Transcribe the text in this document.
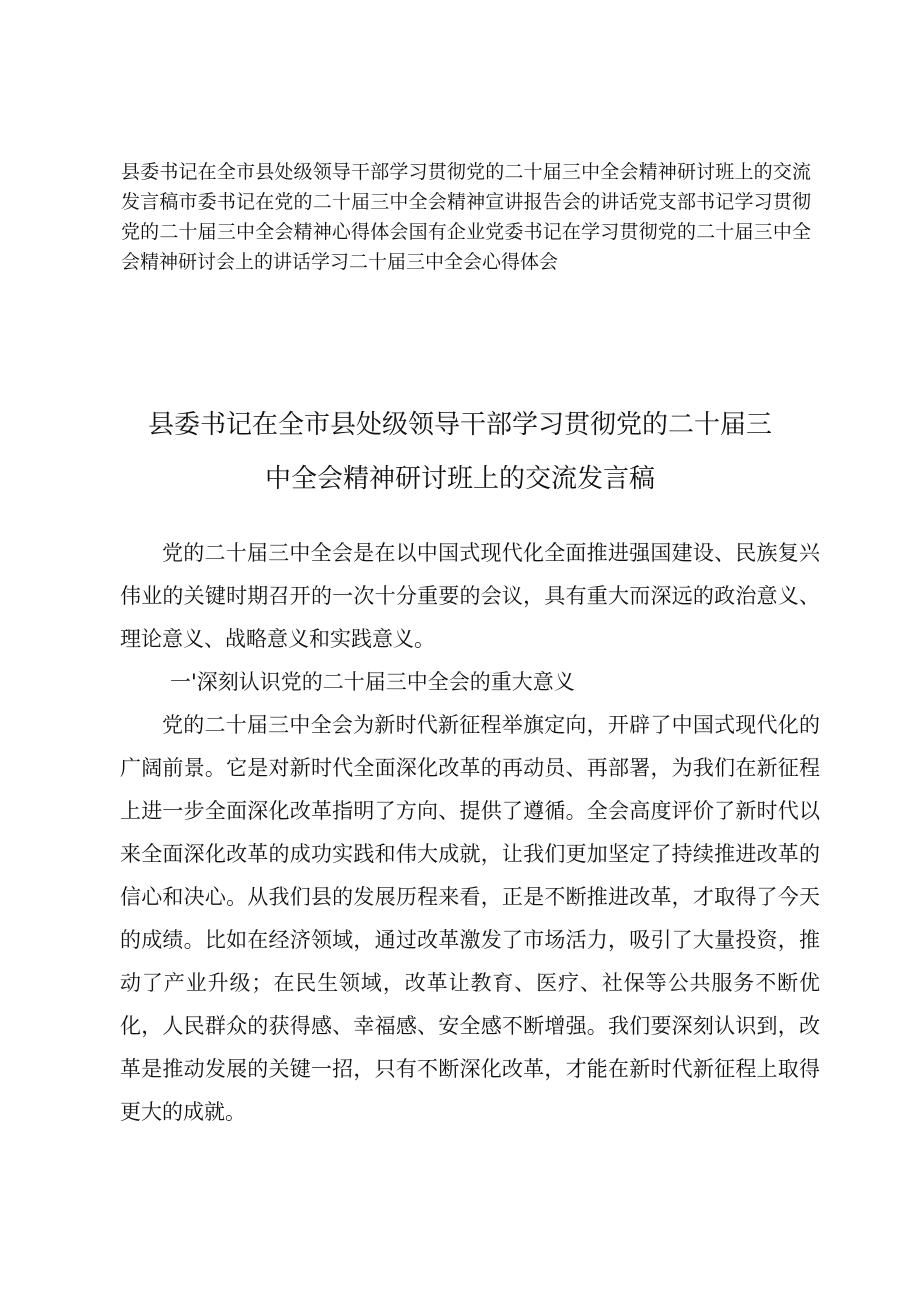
县委书记在全市县处级领导干部学习贯彻党的二十届三中全会精神研讨班上的交流发言稿市委书记在党的二十届三中全会精神宣讲报告会的讲话党支部书记学习贯彻党的二十届三中全会精神心得体会国有企业党委书记在学习贯彻党的二十届三中全会精神研讨会上的讲话学习二十届三中全会心得体会
县委书记在全市县处级领导干部学习贯彻党的二十届三
中全会精神研讨班上的交流发言稿

党的二十届三中全会是在以中国式现代化全面推进强国建设、民族复兴伟业的关键时期召开的一次十分重要的会议，具有重大而深远的政治意义、理论意义、战略意义和实践意义。

一'深刻认识党的二十届三中全会的重大意义

党的二十届三中全会为新时代新征程举旗定向，开辟了中国式现代化的广阔前景。它是对新时代全面深化改革的再动员、再部署，为我们在新征程上进一步全面深化改革指明了方向、提供了遵循。全会高度评价了新时代以来全面深化改革的成功实践和伟大成就，让我们更加坚定了持续推进改革的信心和决心。从我们县的发展历程来看，正是不断推进改革，才取得了今天的成绩。比如在经济领域，通过改革激发了市场活力，吸引了大量投资，推动了产业升级；在民生领域，改革让教育、医疗、社保等公共服务不断优化，人民群众的获得感、幸福感、安全感不断增强。我们要深刻认识到，改革是推动发展的关键一招，只有不断深化改革，才能在新时代新征程上取得更大的成就。
